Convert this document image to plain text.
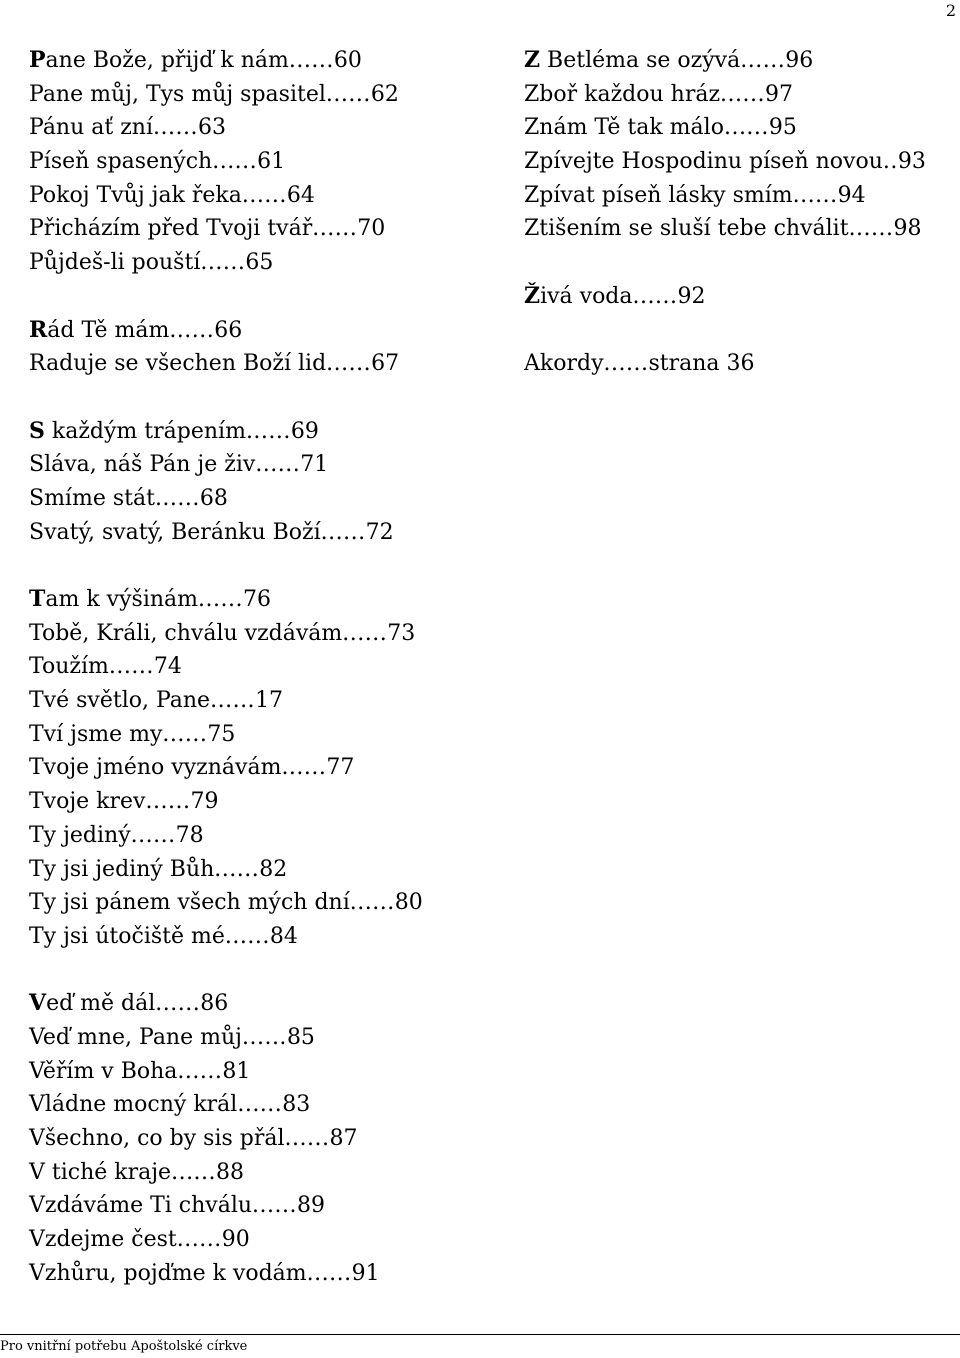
2
Pane Bože, přijď k nám......60
Pane můj, Tys můj spasitel......62
Pánu ať zní......63
Píseň spasených......61
Pokoj Tvůj jak řeka......64
Přicházím před Tvoji tvář......70
Půjdeš-li pouští......65
Rád Tě mám......66
Raduje se všechen Boží lid......67
S každým trápením......69
Sláva, náš Pán je živ......71
Smíme stát......68
Svatý, svatý, Beránku Boží......72
Tam k výšinám......76
Tobě, Králi, chválu vzdávám......73
Toužím......74
Tvé světlo, Pane......17
Tví jsme my......75
Tvoje jméno vyznávám......77
Tvoje krev......79
Ty jediný......78
Ty jsi jediný Bůh......82
Ty jsi pánem všech mých dní......80
Ty jsi útočiště mé......84
Veď mě dál......86
Veď mne, Pane můj......85
Věřím v Boha......81
Vládne mocný král......83
Všechno, co by sis přál......87
V tiché kraje......88
Vzdáváme Ti chválu......89
Vzdejme čest......90
Vzhůru, pojďme k vodám......91
Z Betléma se ozývá......96
Zboř každou hráz......97
Znám Tě tak málo......95
Zpívejte Hospodinu píseň novou..93
Zpívat píseň lásky smím......94
Ztišením se sluší tebe chválit......98
Živá voda......92
Akordy......strana 36
Pro vnitřní potřebu Apoštolské církve
